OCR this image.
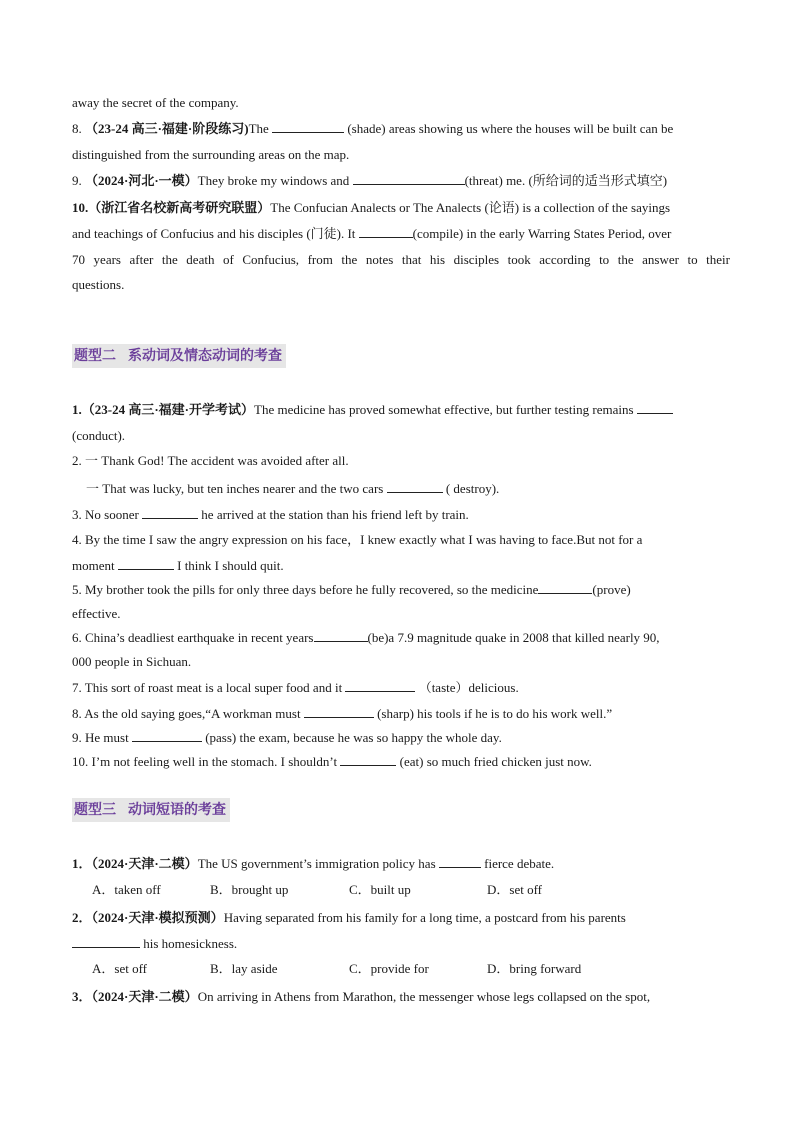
away the secret of the company.
8. （23-24 高三·福建·阶段练习)The	(shade) areas showing us where the houses will be built can be
distinguished from the surrounding areas on the map.
9. （2024·河北·一模）They broke my windows and	(threat) me. (所给词的适当形式填空)
10.（浙江省名校新高考研究联盟）The Confucian Analects or The Analects (论语) is a collection of the sayings
and teachings of Confucius and his disciples (门徒). It	(compile) in the early Warring States Period, over
70 years after the death of Confucius, from the notes that his disciples took according to the answer to their
questions.
题型二 系动词及情态动词的考查
1.（23-24 高三·福建·开学考试）The medicine has proved somewhat effective, but further testing remains
(conduct).
2. 一 Thank God! The accident was avoided after all.
一 That was lucky, but ten inches nearer and the two cars	( destroy).
3. No sooner	he arrived at the station than his friend left by train.
4. By the time I saw the angry expression on his face，I knew exactly what I was having to face.But not for a
moment	I think I should quit.
5. My brother took the pills for only three days before he fully recovered, so the medicine	(prove)
effective.
6. China’s deadliest earthquake in recent years	(be)a 7.9 magnitude quake in 2008 that killed nearly 90,
000 people in Sichuan.
7. This sort of roast meat is a local super food and it	（taste）delicious.
8. As the old saying goes,“A workman must	(sharp) his tools if he is to do his work well.”
9. He must	(pass) the exam, because he was so happy the whole day.
10. I’m not feeling well in the stomach. I shouldn’t	(eat) so much fried chicken just now.
题型三 动词短语的考查
1．（2024·天津·二模）The US government’s immigration policy has	fierce debate.
A．taken off	B．brought up	C．built up	D．set off
2．（2024·天津·模拟预测）Having separated from his family for a long time, a postcard from his parents
his homesickness.
A．set off	B．lay aside	C．provide for	D．bring forward
3．（2024·天津·二模）On arriving in Athens from Marathon, the messenger whose legs collapsed on the spot,
